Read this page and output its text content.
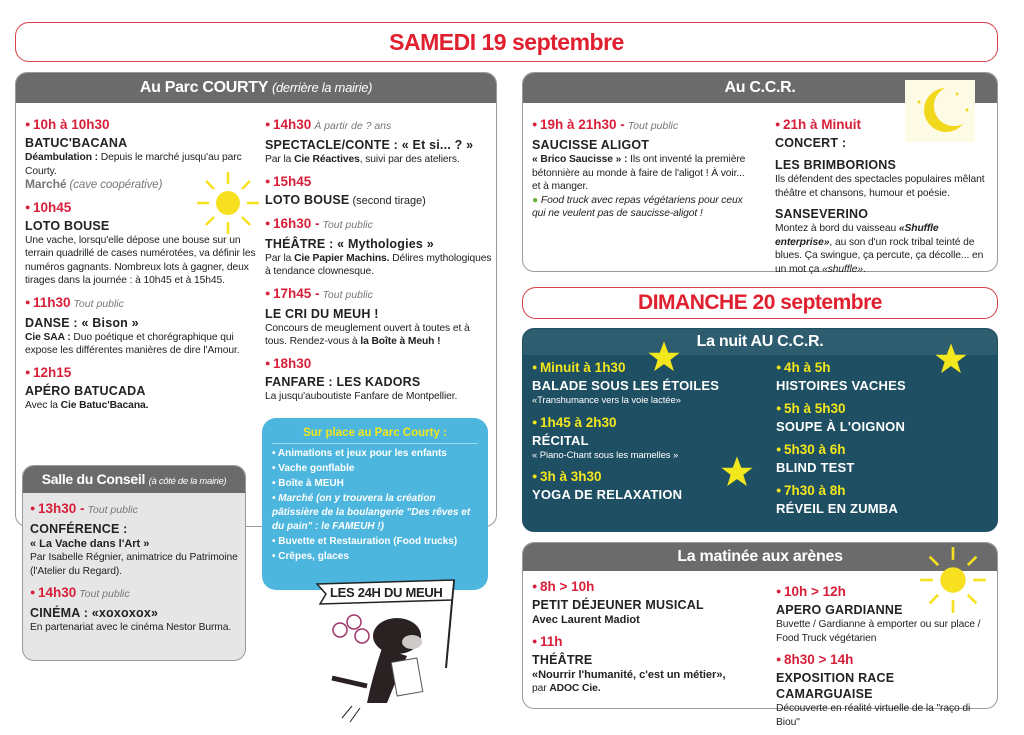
SAMEDI 19 septembre
Au Parc COURTY (derrière la mairie)
● 10h à 10h30
BATUC'BACANA
Déambulation : Depuis le marché jusqu'au parc Courty.
Marché (cave coopérative)
● 10h45
LOTO BOUSE
Une vache, lorsqu'elle dépose une bouse sur un terrain quadrillé de cases numérotées, va définir les numéros gagnants. Nombreux lots à gagner, deux tirages dans la journée : à 10h45 et à 15h45.
● 11h30 Tout public
DANSE : « Bison »
Cie SAA : Duo poétique et chorégraphique qui expose les différentes manières de dire l'Amour.
● 12h15
APÉRO BATUCADA
Avec la Cie Batuc'Bacana.
● 14h30 À partir de ? ans
SPECTACLE/CONTE : « Et si... ? »
Par la Cie Réactives, suivi par des ateliers.
● 15h45
LOTO BOUSE (second tirage)
● 16h30 - Tout public
THÉÂTRE : « Mythologies »
Par la Cie Papier Machins. Délires mythologiques à tendance clownesque.
● 17h45 - Tout public
LE CRI DU MEUH !
Concours de meuglement ouvert à toutes et à tous. Rendez-vous à la Boîte à Meuh !
● 18h30
FANFARE : LES KADORS
La jusqu'auboutiste Fanfare de Montpellier.
Salle du Conseil (à côté de la mairie)
● 13h30 - Tout public
CONFÉRENCE :
« La Vache dans l'Art »
Par Isabelle Régnier, animatrice du Patrimoine (l'Atelier du Regard).
● 14h30 Tout public
CINÉMA : «xoxoxox»
En partenariat avec le cinéma Nestor Burma.
Sur place au Parc Courty :
• Animations et jeux pour les enfants
• Vache gonflable
• Boîte à MEUH
• Marché (on y trouvera la création pâtissière de la boulangerie "Des rêves et du pain" : le FAMEUH !)
• Buvette et Restauration (Food trucks)
• Crêpes, glaces
LES 24H DU MEUH
Au C.C.R.
● 19h à 21h30 - Tout public
SAUCISSE ALIGOT
« Brico Saucisse » : Ils ont inventé la première bétonnière au monde à faire de l'aligot ! À voir... et à manger.
● Food truck avec repas végétariens pour ceux qui ne veulent pas de saucisse-aligot !
● 21h à Minuit
CONCERT :
LES BRIMBORIONS
Ils défendent des spectacles populaires mêlant théâtre et chansons, humour et poésie.
SANSEVERINO
Montez à bord du vaisseau «Shuffle enterprise», au son d'un rock tribal teinté de blues. Ça swingue, ça percute, ça décolle... en un mot ça «shuffle».
DIMANCHE 20 septembre
La nuit AU C.C.R.
● Minuit à 1h30
BALADE SOUS LES ÉTOILES
«Transhumance vers la voie lactée»
● 1h45 à 2h30
RÉCITAL
« Piano-Chant sous les mamelles »
● 3h à 3h30
YOGA DE RELAXATION
● 4h à 5h
HISTOIRES VACHES
● 5h à 5h30
SOUPE À L'OIGNON
● 5h30 à 6h
BLIND TEST
● 7h30 à 8h
RÉVEIL EN ZUMBA
La matinée aux arènes
● 8h > 10h
PETIT DÉJEUNER MUSICAL
Avec Laurent Madiot
● 11h
THÉÂTRE
«Nourrir l'humanité, c'est un métier»,
par ADOC Cie.
● 10h > 12h
APERO GARDIANNE
Buvette / Gardianne à emporter ou sur place / Food Truck végétarien
● 8h30 > 14h
EXPOSITION RACE CAMARGUAISE
Découverte en réalité virtuelle de la "raço di Biou"
